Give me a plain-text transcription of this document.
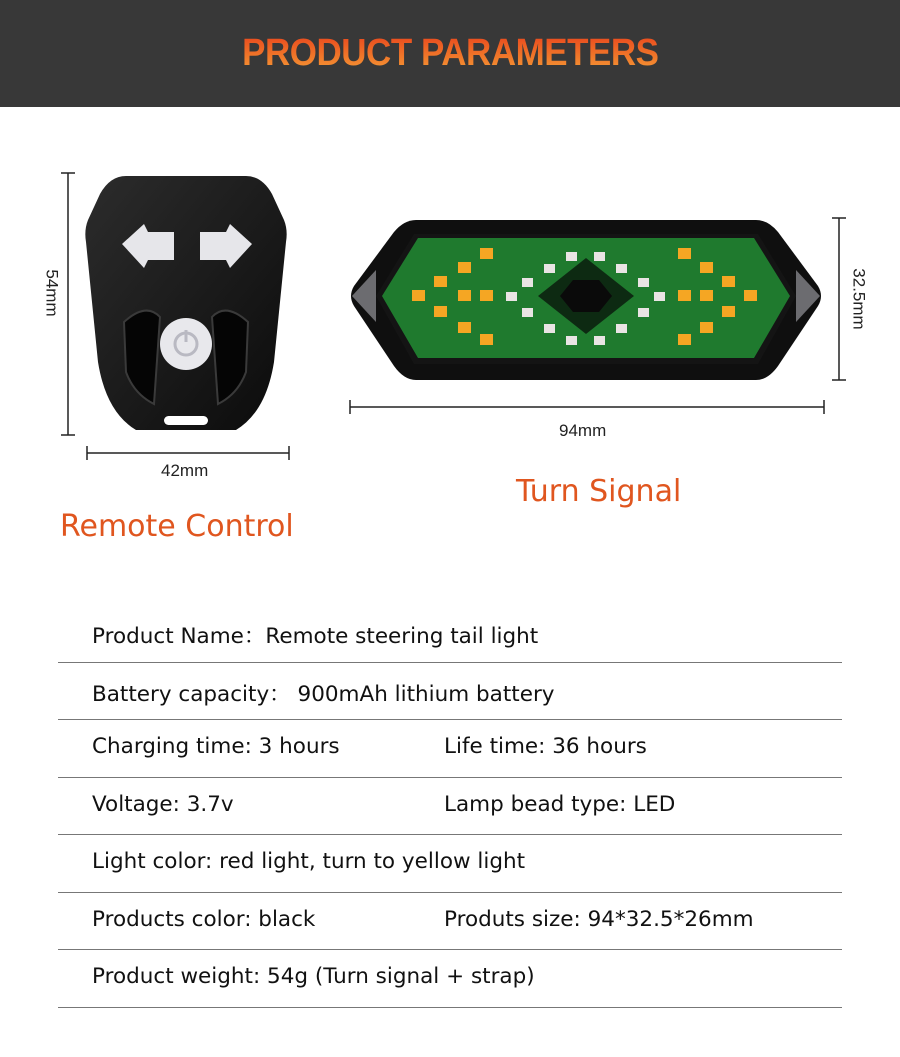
PRODUCT PARAMETERS
54mm
42mm
94mm
32.5mm
Turn Signal
Remote Control
Product Name：Remote steering tail light
Battery capacity： 900mAh lithium battery
Charging time: 3 hours	Life time: 36 hours
Voltage: 3.7v	Lamp bead type: LED
Light color: red light, turn to yellow light
Products color: black	Produts size: 94*32.5*26mm
Product weight: 54g (Turn signal + strap)
